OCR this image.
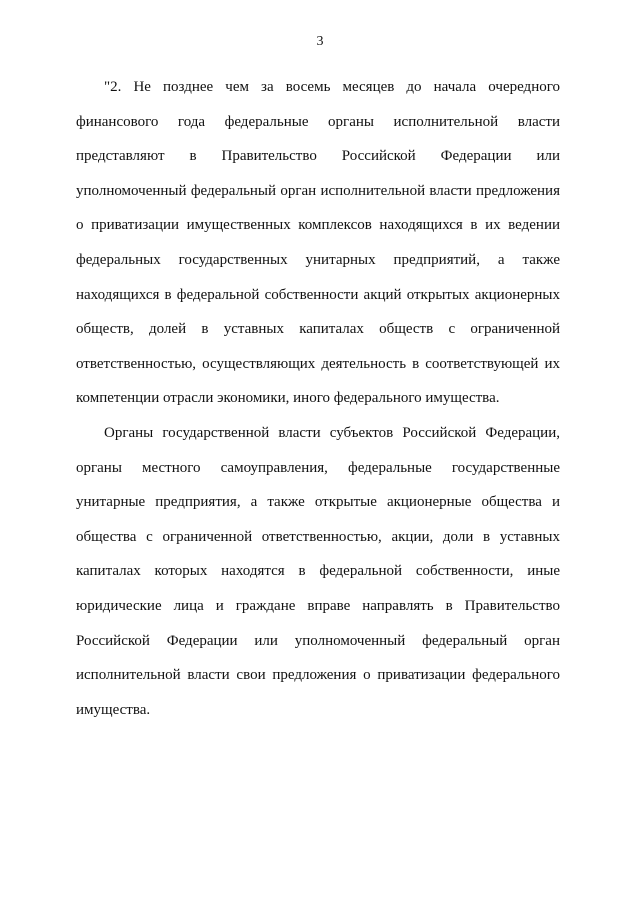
3

"2. Не позднее чем за восемь месяцев до начала очередного финансового года федеральные органы исполнительной власти представляют в Правительство Российской Федерации или уполномоченный федеральный орган исполнительной власти предложения о приватизации имущественных комплексов находящихся в их ведении федеральных государственных унитарных предприятий, а также находящихся в федеральной собственности акций открытых акционерных обществ, долей в уставных капиталах обществ с ограниченной ответственностью, осуществляющих деятельность в соответствующей их компетенции отрасли экономики, иного федерального имущества.

Органы государственной власти субъектов Российской Федерации, органы местного самоуправления, федеральные государственные унитарные предприятия, а также открытые акционерные общества и общества с ограниченной ответственностью, акции, доли в уставных капиталах которых находятся в федеральной собственности, иные юридические лица и граждане вправе направлять в Правительство Российской Федерации или уполномоченный федеральный орган исполнительной власти свои предложения о приватизации федерального имущества.
